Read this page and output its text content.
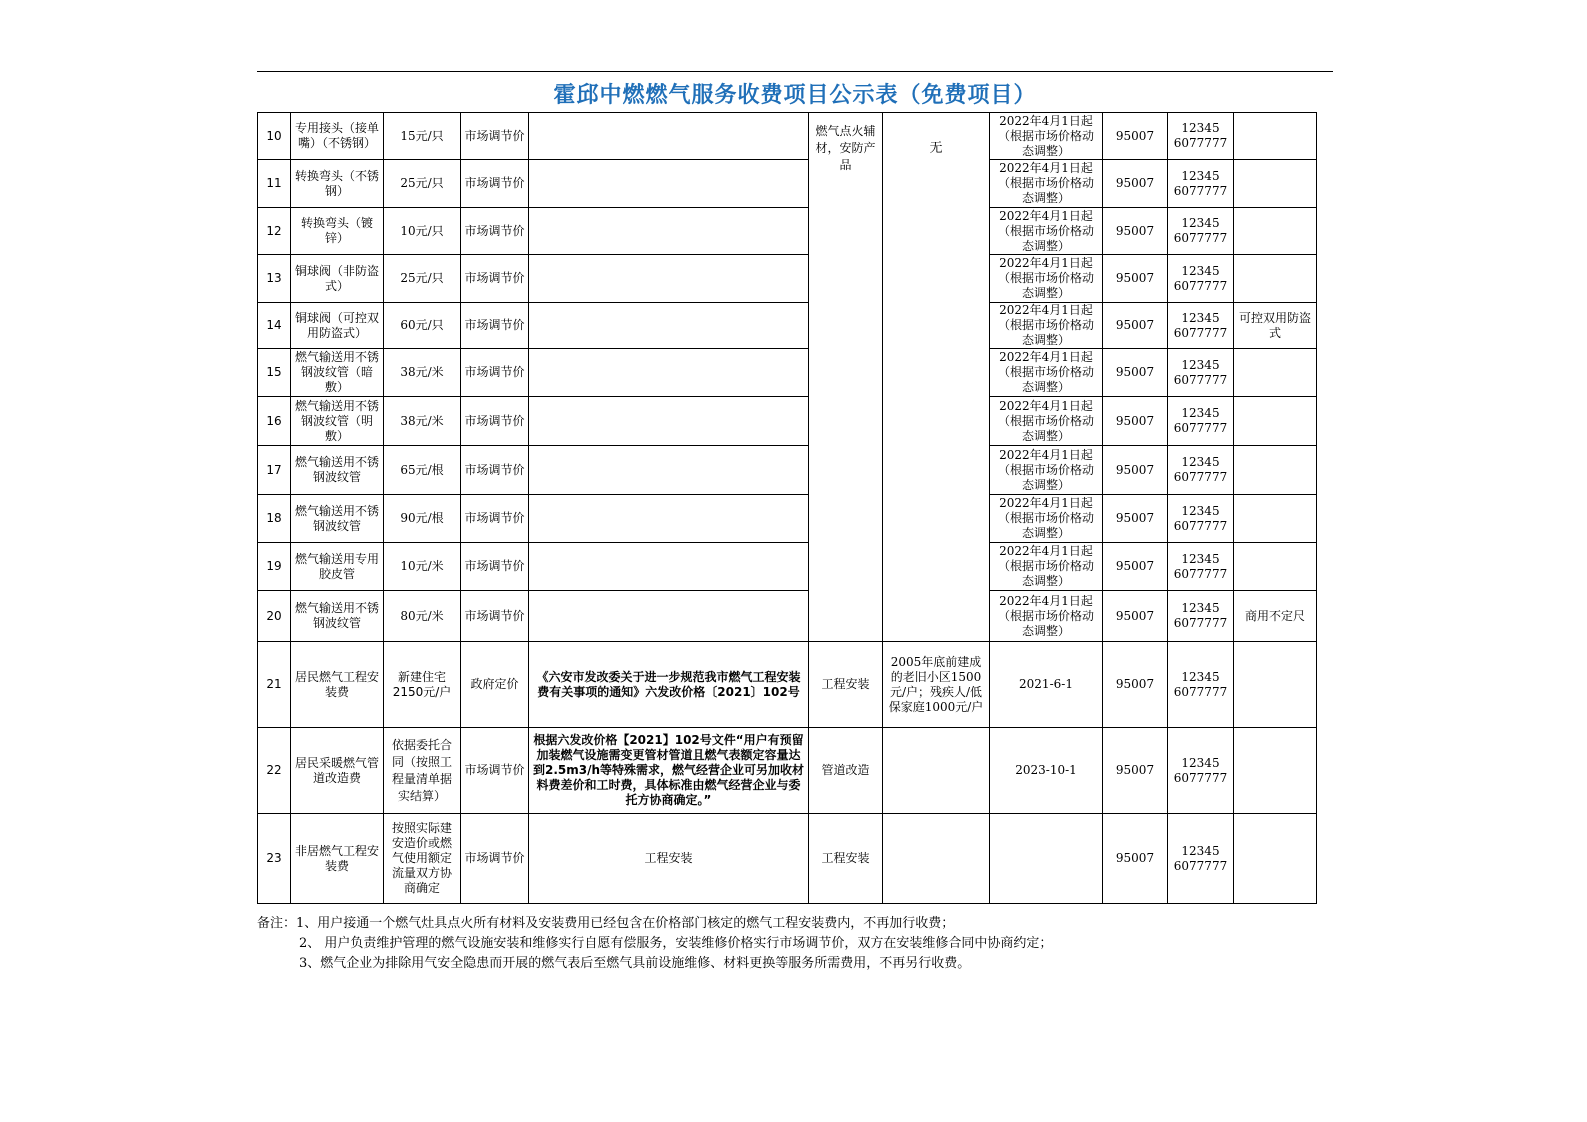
霍邱中燃燃气服务收费项目公示表（免费项目）
10	专用接头（接单嘴）（不锈钢）	15元/只	市场调节价		燃气点火辅材，安防产品	无	2022年4月1日起（根据市场价格动态调整）	95007	12345 6077777	
11	转换弯头（不锈钢）	25元/只	市场调节价				2022年4月1日起（根据市场价格动态调整）	95007	12345 6077777	
12	转换弯头（镀锌）	10元/只	市场调节价				2022年4月1日起（根据市场价格动态调整）	95007	12345 6077777	
13	铜球阀（非防盗式）	25元/只	市场调节价				2022年4月1日起（根据市场价格动态调整）	95007	12345 6077777	
14	铜球阀（可控双用防盗式）	60元/只	市场调节价				2022年4月1日起（根据市场价格动态调整）	95007	12345 6077777	可控双用防盗式
15	燃气输送用不锈钢波纹管（暗敷）	38元/米	市场调节价				2022年4月1日起（根据市场价格动态调整）	95007	12345 6077777	
16	燃气输送用不锈钢波纹管（明敷）	38元/米	市场调节价				2022年4月1日起（根据市场价格动态调整）	95007	12345 6077777	
17	燃气输送用不锈钢波纹管	65元/根	市场调节价				2022年4月1日起（根据市场价格动态调整）	95007	12345 6077777	
18	燃气输送用不锈钢波纹管	90元/根	市场调节价				2022年4月1日起（根据市场价格动态调整）	95007	12345 6077777	
19	燃气输送用专用胶皮管	10元/米	市场调节价				2022年4月1日起（根据市场价格动态调整）	95007	12345 6077777	
20	燃气输送用不锈钢波纹管	80元/米	市场调节价				2022年4月1日起（根据市场价格动态调整）	95007	12345 6077777	商用不定尺
21	居民燃气工程安装费	新建住宅2150元/户	政府定价	《六安市发改委关于进一步规范我市燃气工程安装费有关事项的通知》六发改价格〔2021〕102号	工程安装	2005年底前建成的老旧小区1500元/户；残疾人/低保家庭1000元/户	2021-6-1	95007	12345 6077777	
22	居民采暖燃气管道改造费	依据委托合同（按照工程量清单据实结算）	市场调节价	根据六发改价格【2021】102号文件“用户有预留加装燃气设施需变更管材管道且燃气表额定容量达到2.5m3/h等特殊需求，燃气经营企业可另加收材料费差价和工时费，具体标准由燃气经营企业与委托方协商确定。”	管道改造		2023-10-1	95007	12345 6077777	
23	非居燃气工程安装费	按照实际建安造价或燃气使用额定流量双方协商确定	市场调节价	工程安装	工程安装			95007	12345 6077777	
备注：1、用户接通一个燃气灶具点火所有材料及安装费用已经包含在价格部门核定的燃气工程安装费内，不再加行收费；
2、 用户负责维护管理的燃气设施安装和维修实行自愿有偿服务，安装维修价格实行市场调节价，双方在安装维修合同中协商约定；
3、燃气企业为排除用气安全隐患而开展的燃气表后至燃气具前设施维修、材料更换等服务所需费用，不再另行收费。
